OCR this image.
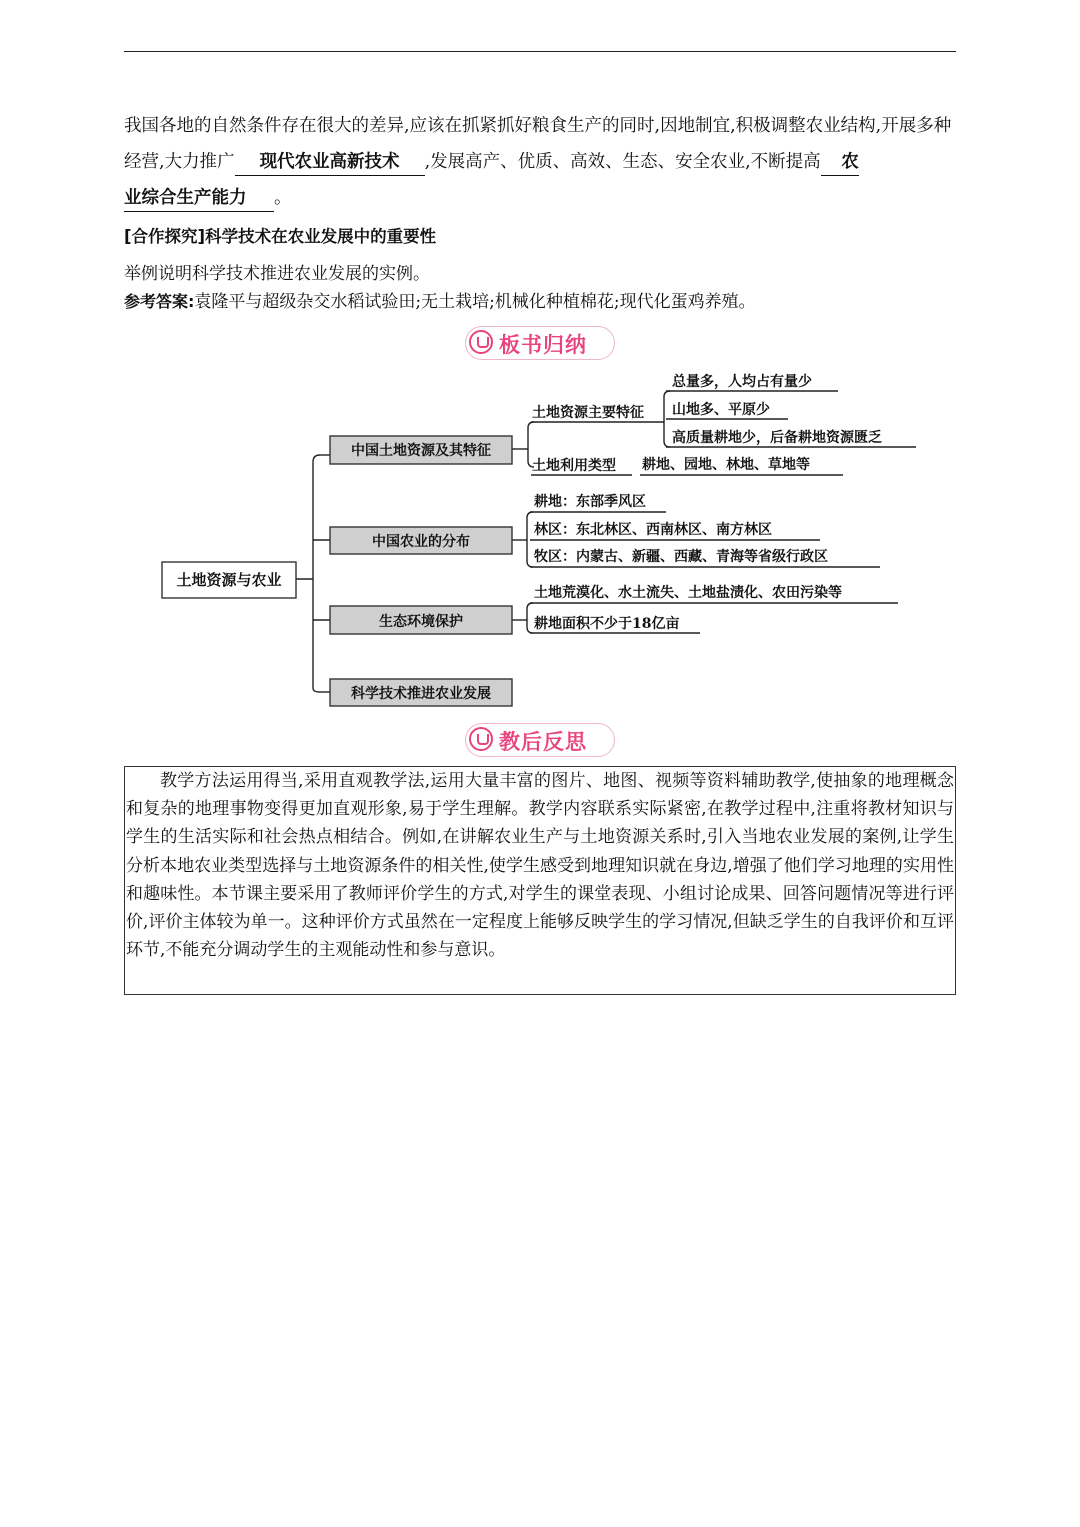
我国各地的自然条件存在很大的差异,应该在抓紧抓好粮食生产的同时,因地制宜,积极调整农业结构,开展多种经营,大力推广 现代农业高新技术 ,发展高产、优质、高效、生态、安全农业,不断提高 农业综合生产能力 。
[合作探究]科学技术在农业发展中的重要性
举例说明科学技术推进农业发展的实例。
参考答案:袁隆平与超级杂交水稻试验田;无土栽培;机械化种植棉花;现代化蛋鸡养殖。
板书归纳
土地资源与农业
中国土地资源及其特征
中国农业的分布
生态环境保护
科学技术推进农业发展
土地资源主要特征
总量多，人均占有量少
山地多、平原少
高质量耕地少，后备耕地资源匮乏
土地利用类型 耕地、园地、林地、草地等
耕地：东部季风区
林区：东北林区、西南林区、南方林区
牧区：内蒙古、新疆、西藏、青海等省级行政区
土地荒漠化、水土流失、土地盐渍化、农田污染等
耕地面积不少于18亿亩
教后反思

教学方法运用得当,采用直观教学法,运用大量丰富的图片、地图、视频等资料辅助教学,使抽象的地理概念和复杂的地理事物变得更加直观形象,易于学生理解。教学内容联系实际紧密,在教学过程中,注重将教材知识与学生的生活实际和社会热点相结合。例如,在讲解农业生产与土地资源关系时,引入当地农业发展的案例,让学生分析本地农业类型选择与土地资源条件的相关性,使学生感受到地理知识就在身边,增强了他们学习地理的实用性和趣味性。本节课主要采用了教师评价学生的方式,对学生的课堂表现、小组讨论成果、回答问题情况等进行评价,评价主体较为单一。这种评价方式虽然在一定程度上能够反映学生的学习情况,但缺乏学生的自我评价和互评环节,不能充分调动学生的主观能动性和参与意识。
